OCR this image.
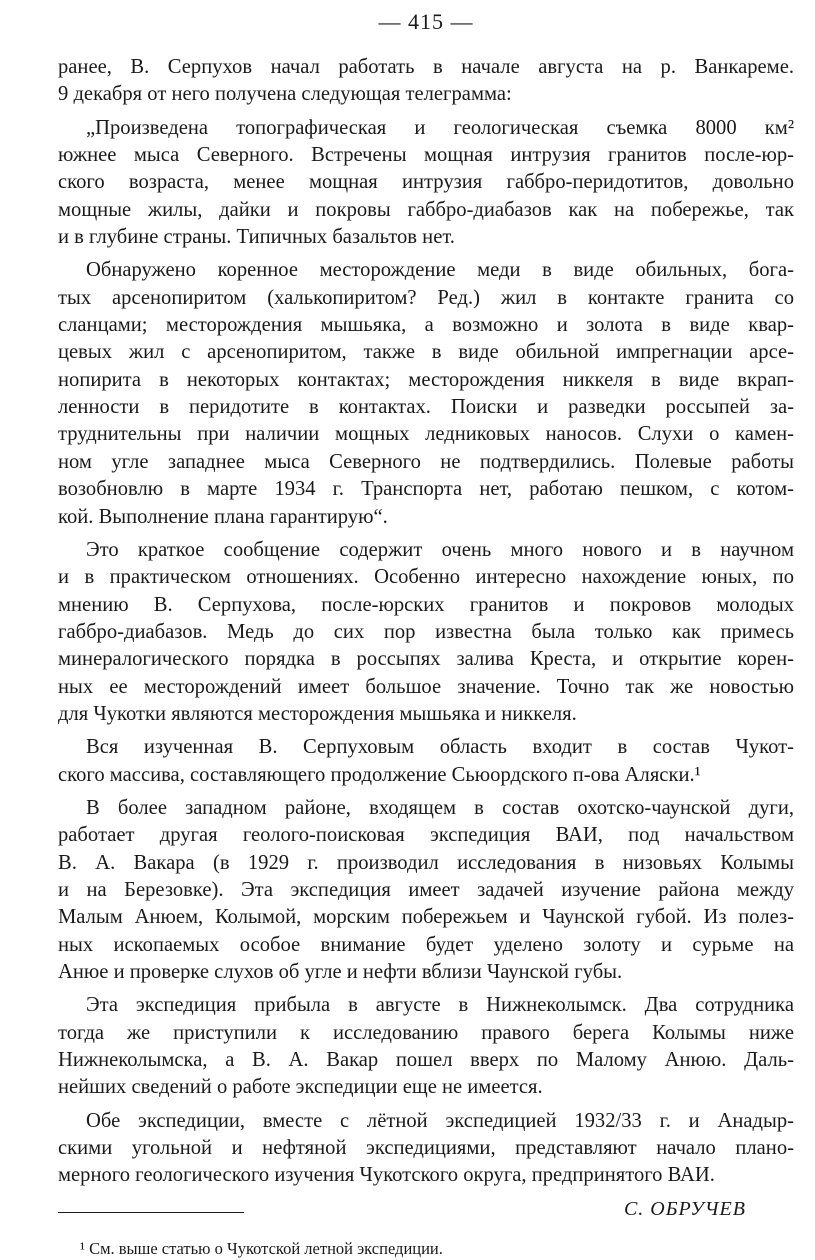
— 415 —
ранее, В. Серпухов начал работать в начале августа на р. Ванкареме.
9 декабря от него получена следующая телеграмма:
„Произведена топографическая и геологическая съемка 8000 км²
южнее мыса Северного. Встречены мощная интрузия гранитов после-юр-
ского возраста, менее мощная интрузия габбро-перидотитов, довольно
мощные жилы, дайки и покровы габбро-диабазов как на побережье, так
и в глубине страны. Типичных базальтов нет.
Обнаружено коренное месторождение меди в виде обильных, бога-
тых арсенопиритом (халькопиритом? Ред.) жил в контакте гранита со
сланцами; месторождения мышьяка, а возможно и золота в виде квар-
цевых жил с арсенопиритом, также в виде обильной импрегнации арсе-
нопирита в некоторых контактах; месторождения никкеля в виде вкрап-
ленности в перидотите в контактах. Поиски и разведки россыпей за-
труднительны при наличии мощных ледниковых наносов. Слухи о камен-
ном угле западнее мыса Северного не подтвердились. Полевые работы
возобновлю в марте 1934 г. Транспорта нет, работаю пешком, с котом-
кой. Выполнение плана гарантирую“.
Это краткое сообщение содержит очень много нового и в научном
и в практическом отношениях. Особенно интересно нахождение юных, по
мнению В. Серпухова, после-юрских гранитов и покровов молодых
габбро-диабазов. Медь до сих пор известна была только как примесь
минералогического порядка в россыпях залива Креста, и открытие корен-
ных ее месторождений имеет большое значение. Точно так же новостью
для Чукотки являются месторождения мышьяка и никкеля.
Вся изученная В. Серпуховым область входит в состав Чукот-
ского массива, составляющего продолжение Сьюордского п-ова Аляски.¹
В более западном районе, входящем в состав охотско-чаунской дуги,
работает другая геолого-поисковая экспедиция ВАИ, под начальством
В. А. Вакара (в 1929 г. производил исследования в низовьях Колымы
и на Березовке). Эта экспедиция имеет задачей изучение района между
Малым Анюем, Колымой, морским побережьем и Чаунской губой. Из полез-
ных ископаемых особое внимание будет уделено золоту и сурьме на
Анюе и проверке слухов об угле и нефти вблизи Чаунской губы.
Эта экспедиция прибыла в августе в Нижнеколымск. Два сотрудника
тогда же приступили к исследованию правого берега Колымы ниже
Нижнеколымска, а В. А. Вакар пошел вверх по Малому Анюю. Даль-
нейших сведений о работе экспедиции еще не имеется.
Обе экспедиции, вместе с лётной экспедицией 1932/33 г. и Анадыр-
скими угольной и нефтяной экспедициями, представляют начало плано-
мерного геологического изучения Чукотского округа, предпринятого ВАИ.
С. ОБРУЧЕВ
¹ См. выше статью о Чукотской летной экспедиции.
